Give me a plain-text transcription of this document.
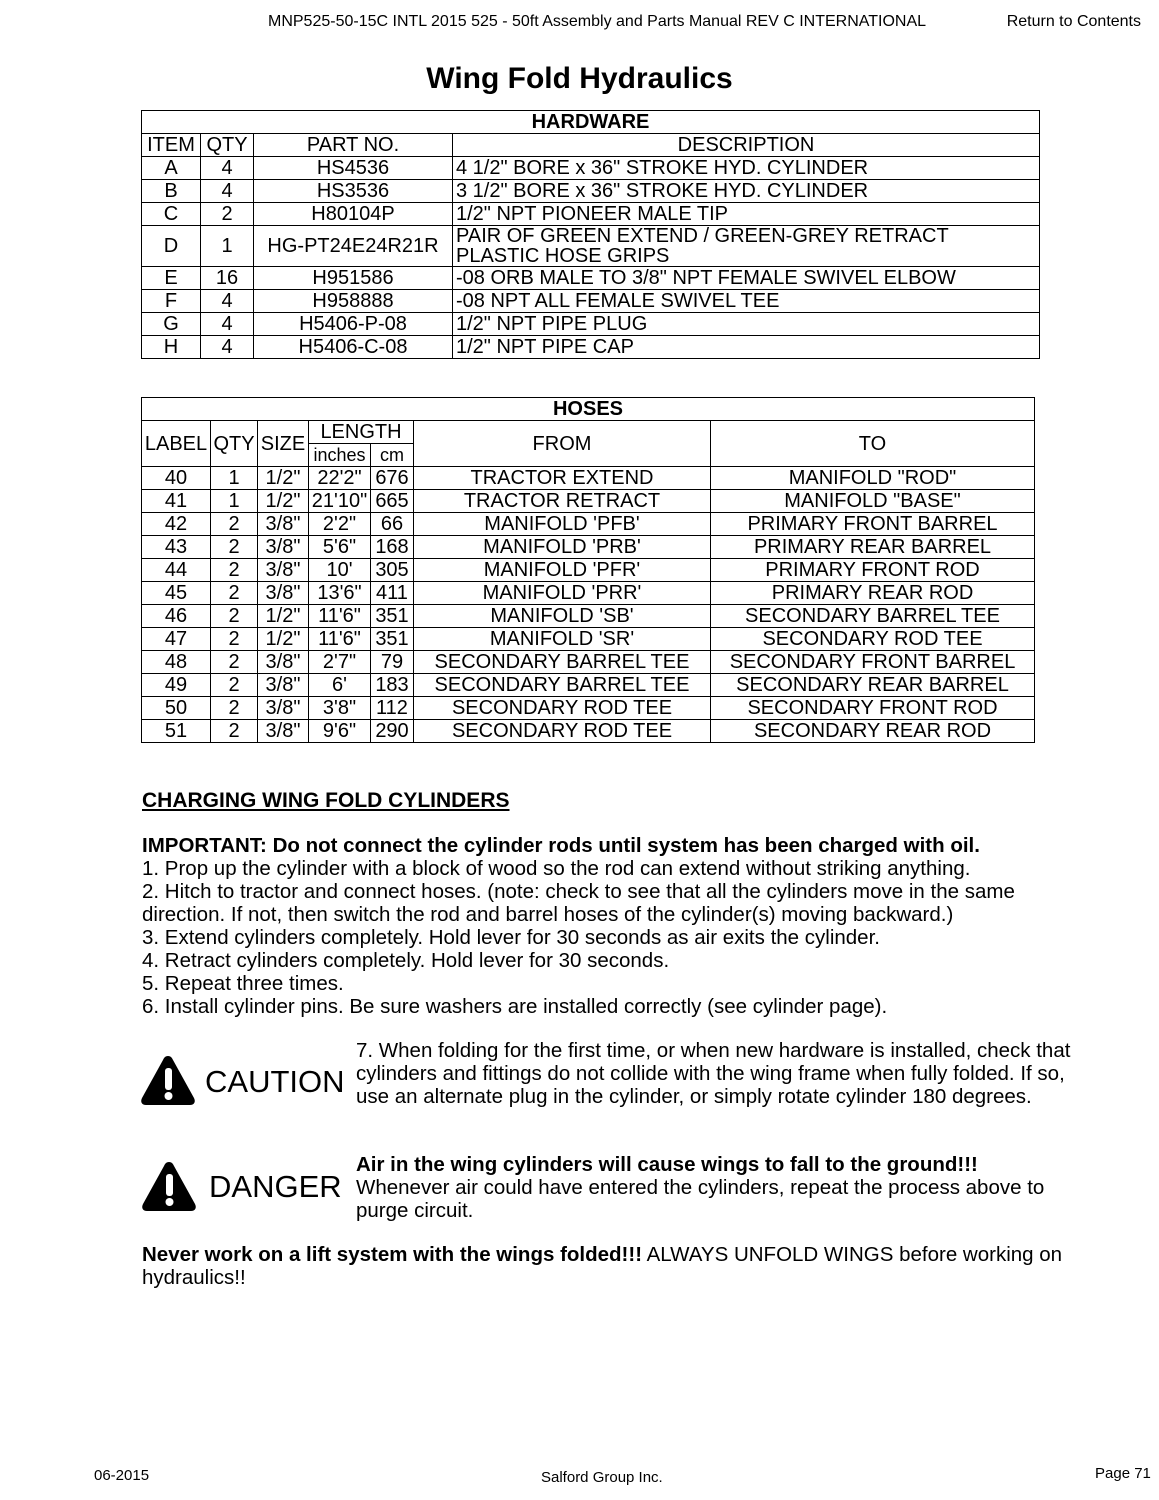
MNP525-50-15C INTL 2015 525 - 50ft Assembly and Parts Manual REV C INTERNATIONAL	Return to Contents
Wing Fold Hydraulics
HARDWARE			
ITEM	QTY	PART NO.	DESCRIPTION
A	4	HS4536	4 1/2" BORE x 36" STROKE HYD. CYLINDER
B	4	HS3536	3 1/2" BORE x 36" STROKE HYD. CYLINDER
C	2	H80104P	1/2" NPT PIONEER MALE TIP
D	1	HG-PT24E24R21R	PAIR OF GREEN EXTEND / GREEN-GREY RETRACT
PLASTIC HOSE GRIPS
E	16	H951586	-08 ORB MALE TO 3/8" NPT FEMALE SWIVEL ELBOW
F	4	H958888	-08 NPT ALL FEMALE SWIVEL TEE
G	4	H5406-P-08	1/2" NPT PIPE PLUG
H	4	H5406-C-08	1/2" NPT PIPE CAP
HOSES						
LABEL	QTY	SIZE	LENGTH		FROM	TO
			inches	cm		
40	1	1/2"	22'2"	676	TRACTOR EXTEND	MANIFOLD "ROD"
41	1	1/2"	21'10"	665	TRACTOR RETRACT	MANIFOLD "BASE"
42	2	3/8"	2'2"	66	MANIFOLD 'PFB'	PRIMARY FRONT BARREL
43	2	3/8"	5'6"	168	MANIFOLD 'PRB'	PRIMARY REAR BARREL
44	2	3/8"	10'	305	MANIFOLD 'PFR'	PRIMARY FRONT ROD
45	2	3/8"	13'6"	411	MANIFOLD 'PRR'	PRIMARY REAR ROD
46	2	1/2"	11'6"	351	MANIFOLD 'SB'	SECONDARY BARREL TEE
47	2	1/2"	11'6"	351	MANIFOLD 'SR'	SECONDARY ROD TEE
48	2	3/8"	2'7"	79	SECONDARY BARREL TEE	SECONDARY FRONT BARREL
49	2	3/8"	6'	183	SECONDARY BARREL TEE	SECONDARY REAR BARREL
50	2	3/8"	3'8"	112	SECONDARY ROD TEE	SECONDARY FRONT ROD
51	2	3/8"	9'6"	290	SECONDARY ROD TEE	SECONDARY REAR ROD
CHARGING WING FOLD CYLINDERS

IMPORTANT: Do not connect the cylinder rods until system has been charged with oil.

1. Prop up the cylinder with a block of wood so the rod can extend without striking anything.

2. Hitch to tractor and connect hoses. (note: check to see that all the cylinders move in the same direction. If not, then switch the rod and barrel hoses of the cylinder(s) moving backward.)

3. Extend cylinders completely. Hold lever for 30 seconds as air exits the cylinder.

4. Retract cylinders completely. Hold lever for 30 seconds.

5. Repeat three times.

6. Install cylinder pins. Be sure washers are installed correctly (see cylinder page).

CAUTION

7. When folding for the first time, or when new hardware is installed, check that cylinders and fittings do not collide with the wing frame when fully folded. If so, use an alternate plug in the cylinder, or simply rotate cylinder 180 degrees.

DANGER

Air in the wing cylinders will cause wings to fall to the ground!!!
Whenever air could have entered the cylinders, repeat the process above to purge circuit.

Never work on a lift system with the wings folded!!! ALWAYS UNFOLD WINGS before working on hydraulics!!

06-2015	Salford Group Inc.	Page 71
